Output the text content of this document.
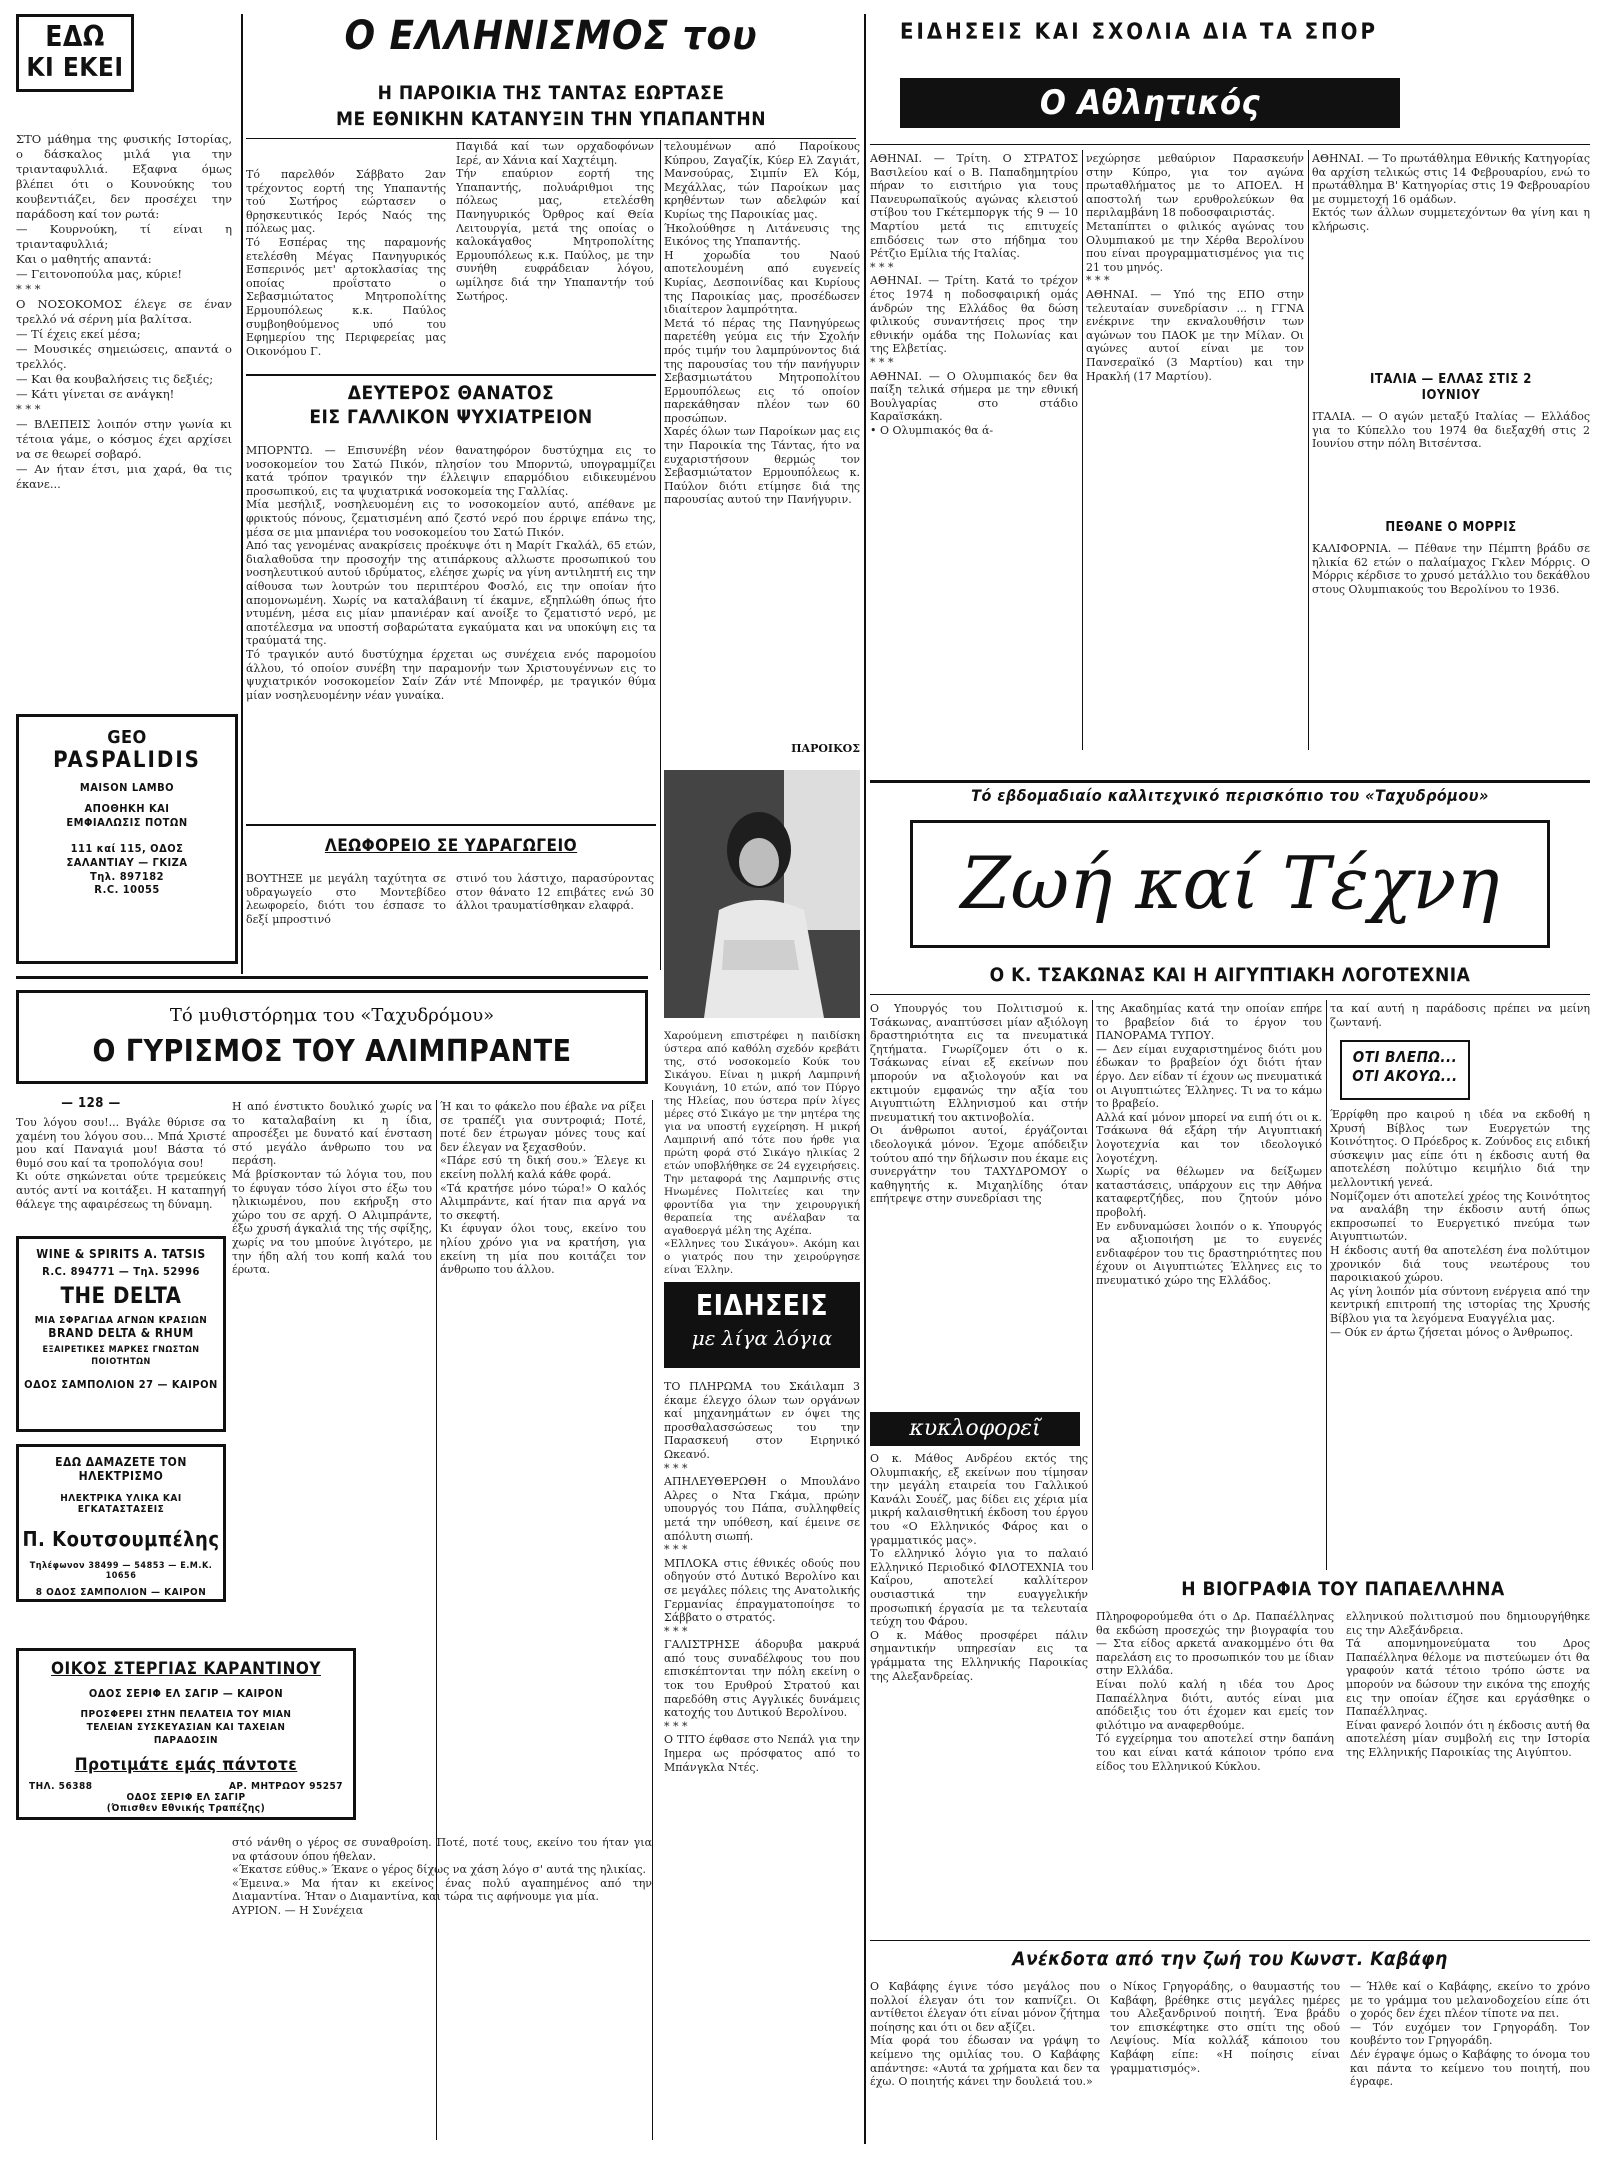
ΕΔΩ
ΚΙ ΕΚΕΙ
ΣΤΟ μάθημα της φυσικής Ιστορίας, ο δάσκαλος μιλά για την τριανταφυλλιά. Εξαφνα όμως βλέπει ότι ο Κουνούκης του κουβεντιάζει, δεν προσέχει την παράδοση καί τον ρωτά:
— Κουρνούκη, τί είναι η τριανταφυλλιά;
Και ο μαθητής απαντά:
— Γειτονοπούλα μας, κύριε!
* * *
Ο ΝΟΣΟΚΟΜΟΣ έλεγε σε έναν τρελλό νά σέρνη μία βαλίτσα.
— Τί έχεις εκεί μέσα;
— Μουσικές σημειώσεις, απαντά ο τρελλός.
— Και θα κουβαλήσεις τις δεξιές;
— Κάτι γίνεται σε ανάγκη!
* * *
— ΒΛΕΠΕΙΣ λοιπόν στην γωνία κι τέτοια γάμε, ο κόσμος έχει αρχίσει να σε θεωρεί σοβαρό.
— Αν ήταν έτσι, μια χαρά, θα τις έκανε...
GEO
PASPALIDIS
MAISON LAMBO
ΑΠΟΘΗΚΗ ΚΑΙ ΕΜΦΙΑΛΩΣΙΣ ΠΟΤΩΝ
111 καί 115, ΟΔΟΣ ΣΑΛΑΝΤΙΑΥ — ΓΚΙΖΑ
Τηλ. 897182
R.C. 10055
Ο ΕΛΛΗΝΙΣΜΟΣ του
Η ΠΑΡΟΙΚΙΑ ΤΗΣ ΤΑΝΤΑΣ ΕΩΡΤΑΣΕ
ΜΕ ΕΘΝΙΚΗΝ ΚΑΤΑΝΥΞΙΝ ΤΗΝ ΥΠΑΠΑΝΤΗΝ
Τό παρελθόν Σάββατο 2αν τρέχοντος εορτή της Υπαπαντής τού Σωτήρος εώρτασεν ο θρησκευτικός Ιερός Ναός της πόλεως μας.
Τό Εσπέρας της παραμονής ετελέσθη Μέγας Πανηγυρικός Εσπερινός μετ' αρτοκλασίας της οποίας προΐστατο ο Σεβασμιώτατος Μητροπολίτης Ερμουπόλεως κ.κ. Παύλος συμβοηθούμενος υπό του Εφημερίου της Περιφερείας μας Οικονόμου Γ.
Παγιδά καί των ορχαδοφόνων Ιερέ, αν Χάνια καί Χαχτέιμη.
Τήν επαύριον εορτή της Υπαπαντής, πολυάριθμοι της πόλεως μας, ετελέσθη Πανηγυρικός Όρθρος καί Θεία Λειτουργία, μετά της οποίας ο καλοκάγαθος Μητροπολίτης Ερμουπόλεως κ.κ. Παύλος, με την συνήθη ευφράδειαν λόγου, ωμίλησε διά την Υπαπαντήν τού Σωτήρος.
τελουμένων από Παροίκους Κύπρου, Ζαγαζίκ, Κύερ Ελ Ζαγιάτ, Μανσούρας, Σιμπίν Ελ Κόμ, Μεχάλλας, τών Παροίκων μας κρηθέντων των αδελφών καί Κυρίως της Παροικίας μας.
Ήκολούθησε η Λιτάνευσις της Εικόνος της Υπαπαντής.
Η χορωδία του Ναού αποτελουμένη από ευγενείς Κυρίας, Δεσποινίδας και Κυρίους της Παροικίας μας, προσέδωσεν ιδιαίτερον λαμπρότητα.
Μετά τό πέρας της Πανηγύρεως παρετέθη γεύμα εις τήν Σχολήν πρός τιμήν του λαμπρύνοντος διά της παρουσίας του τήν πανήγυριν Σεβασμιωτάτου Μητροπολίτου Ερμουπόλεως εις τό οποίον παρεκάθησαν πλέον των 60 προσώπων.
Χαρές όλων των Παροίκων μας εις την Παροικία της Τάντας, ήτο να ευχαριστήσουν θερμώς τον Σεβασμιώτατον Ερμουπόλεως κ. Παύλον διότι ετίμησε διά της παρουσίας αυτού την Πανήγυριν.
ΠΑΡΟΙΚΟΣ
ΔΕΥΤΕΡΟΣ ΘΑΝΑΤΟΣ
ΕΙΣ ΓΑΛΛΙΚΟΝ ΨΥΧΙΑΤΡΕΙΟΝ
ΜΠΟΡΝΤΩ. — Επισυνέβη νέον θανατηφόρον δυστύχημα εις το νοσοκομείον του Σατώ Πικόν, πλησίον του Μπορντώ, υπογραμμίζει κατά τρόπον τραγικόν την έλλειψιν επαρμόδιου ειδικευμένου προσωπικού, εις τα ψυχιατρικά νοσοκομεία της Γαλλίας.
Μία μεσήλιξ, νοσηλευομένη εις το νοσοκομείον αυτό, απέθανε με φρικτούς πόνους, ζεματισμένη από ζεστό νερό που έρριψε επάνω της, μέσα σε μια μπανιέρα του νοσοκομείου του Σατώ Πικόν.
Από τας γενομένας ανακρίσεις προέκυψε ότι η Μαρίτ Γκαλάλ, 65 ετών, διαλαθοῦσα την προσοχήν της ατιπάρκους αλλωστε προσωπικού του νοσηλευτικού αυτού ιδρύματος, ελέησε χωρίς να γίνη αντιληπτή εις την αίθουσα των λουτρών του περιπτέρου Φοσλό, εις την οποίαν ήτο απομονωμένη. Χωρίς να καταλάβαινη τί έκαμνε, εξηπλώθη όπως ήτο ντυμένη, μέσα εις μίαν μπανιέραν καί ανοίξε το ζεματιστό νερό, με αποτέλεσμα να υποστή σοβαρώτατα εγκαύματα και να υποκύψη εις τα τραύματά της.
Τό τραγικόν αυτό δυστύχημα έρχεται ως συνέχεια ενός παρομοίου άλλου, τό οποίον συνέβη την παραμονήν των Χριστουγέννων εις το ψυχιατρικόν νοσοκομείον Σαίν Ζάν ντέ Μπονφέρ, με τραγικόν θύμα μίαν νοσηλευομένην νέαν γυναίκα.
ΛΕΩΦΟΡΕΙΟ ΣΕ ΥΔΡΑΓΩΓΕΙΟ
ΒΟΥΤΗΞΕ με μεγάλη ταχύτητα σε υδραγωγείο στο Μοντεβίδεο λεωφορείο, διότι του έσπασε το δεξί μπροστινό
στινό του λάστιχο, παρασύροντας στον θάνατο 12 επιβάτες ενώ 30 άλλοι τραυματίσθηκαν ελαφρά.
Χαρούμενη επιστρέφει η παιδίσκη ύστερα από καθόλη σχεδόν κρεβάτι της, στό νοσοκομείο Κούκ του Σικάγου. Είναι η μικρή Λαμπρινή Κουγιάνη, 10 ετών, από τον Πύργο της Ηλείας, που ύστερα πρίν λίγες μέρες στό Σικάγο με την μητέρα της για να υποστή εγχείρηση. Η μικρή Λαμπρινή από τότε που ήρθε για πρώτη φορά στό Σικάγο ηλικίας 2 ετών υποβλήθηκε σε 24 εγχειρήσεις. Την μεταφορά της Λαμπρινής στις Ηνωμένες Πολιτείες και την φροντίδα για την χειρουργική θεραπεία της ανέλαβαν τα αγαθοεργά μέλη της Αχέπα.
«Ελληνες του Σικάγου». Ακόμη και ο γιατρός που την χειρούργησε είναι Έλλην.
ΕΙΔΗΣΕΙΣ ΚΑΙ ΣΧΟΛΙΑ ΔΙΑ ΤΑ ΣΠΟΡ
Ο Αθλητικός
ΑΘΗΝΑΙ. — Τρίτη. Ο ΣΤΡΑΤΟΣ Βασιλείου καί ο Β. Παπαδημητρίου πήραν το εισιτήριο για τους Πανευρωπαϊκούς αγώνας κλειστού στίβου του Γκέτεμποργκ τής 9 — 10 Μαρτίου μετά τις επιτυχείς επιδόσεις των στο πήδημα του Ρέτζιο Εμίλια τής Ιταλίας.
* * *
ΑΘΗΝΑΙ. — Τρίτη. Κατά το τρέχον έτος 1974 η ποδοσφαιρική ομάς άνδρών της Ελλάδος θα δώση φιλικούς συναντήσεις προς την εθνικήν ομάδα της Πολωνίας και της Ελβετίας.
* * *
ΑΘΗΝΑΙ. — Ο Ολυμπιακός δεν θα παίξη τελικά σήμερα με την εθνική Βουλγαρίας στο στάδιο Καραϊσκάκη.
• Ο Ολυμπιακός θα ά-
νεχώρησε μεθαύριον Παρασκευήν στην Κύπρο, για τον αγώνα πρωταθλήματος με το ΑΠΟΕΛ. Η αποστολή των ερυθρολεύκων θα περιλαμβάνη 18 ποδοσφαιριστάς.
Μεταπίπτει ο φιλικός αγώνας του Ολυμπιακού με την Χέρθα Βερολίνου που είναι προγραμματισμένος για τις 21 του μηνός.
* * *
ΑΘΗΝΑΙ. — Υπό της ΕΠΟ στην τελευταίαν συνεδρίασιν ... η ΓΓΝΑ ενέκρινε την εκναλουθήσιν των αγώνων του ΠΑΟΚ με την Μίλαν. Οι αγώνες αυτοί είναι με τον Πανσεραϊκό (3 Μαρτίου) και την Ηρακλή (17 Μαρτίου).
ΑΘΗΝΑΙ. — Το πρωτάθλημα Εθνικής Κατηγορίας θα αρχίση τελικώς στις 14 Φεβρουαρίου, ενώ το πρωτάθλημα Β' Κατηγορίας στις 19 Φεβρουαρίου με συμμετοχή 16 ομάδων.
Εκτός των άλλων συμμετεχόντων θα γίνη και η κλήρωσις.
ΙΤΑΛΙΑ — ΕΛΛΑΣ ΣΤΙΣ 2 ΙΟΥΝΙΟΥ
ΙΤΑΛΙΑ. — Ο αγών μεταξύ Ιταλίας — Ελλάδος για το Κύπελλο του 1974 θα διεξαχθή στις 2 Ιουνίου στην πόλη Βιτσέντσα.
ΠΕΘΑΝΕ Ο ΜΟΡΡΙΣ
ΚΑΛΙΦΟΡΝΙΑ. — Πέθανε την Πέμπτη βράδυ σε ηλικία 62 ετών ο παλαίμαχος Γκλεν Μόρρις. Ο Μόρρις κέρδισε το χρυσό μετάλλιο του δεκάθλου στους Ολυμπιακούς του Βερολίνου το 1936.
Τό εβδομαδιαίο καλλιτεχνικό περισκόπιο του «Ταχυδρόμου»
Ζωή καί Τέχνη
Ο Κ. ΤΣΑΚΩΝΑΣ ΚΑΙ Η ΑΙΓΥΠΤΙΑΚΗ ΛΟΓΟΤΕΧΝΙΑ
Ο Υπουργός του Πολιτισμού κ. Τσάκωνας, αναπτύσσει μίαν αξιόλογη δραστηριότητα εις τα πνευματικά ζητήματα. Γνωρίζομεν ότι ο κ. Τσάκωνας είναι εξ εκείνων που μπορούν να αξιολογούν και να εκτιμούν εμφανώς την αξία του Αιγυπτιώτη Ελληνισμού και στήν πνευματική του ακτινοβολία.
Οι άνθρωποι αυτοί, έργάζονται ιδεολογικά μόνον. Έχομε απόδειξιν τούτου από την δήλωσιν που έκαμε εις συνεργάτην του ΤΑΧΥΔΡΟΜΟΥ ο καθηγητής κ. Μιχαηλίδης όταν επήτρεψε στην συνεδρίασι της
της Ακαδημίας κατά την οποίαν επήρε το βραβείον διά το έργον του ΠΑΝΟΡΑΜΑ ΤΥΠΟΥ.
— Δεν είμαι ευχαριστημένος διότι μου έδωκαν το βραβείον όχι διότι ήταν έργο. Δεν είδαν τί έχουν ως πνευματικά οι Αιγυπτιώτες Έλληνες. Τι να το κάμω το βραβείο.
Αλλά καί μόνον μπορεί να ειπή ότι οι κ. Τσάκωνα θά εξάρη τήν Αιγυπτιακή λογοτεχνία και τον ιδεολογικό λογοτέχνη.
Χωρίς να θέλωμεν να δείξωμεν καταστάσεις, υπάρχουν εις την Αθήνα καταφερτζήδες, που ζητούν μόνο προβολή.
Εν ενδυναμώσει λοιπόν ο κ. Υπουργός να αξιοποιήση με το ευγενές ενδιαφέρον του τις δραστηριότητες που έχουν οι Αιγυπτιώτες Έλληνες εις το πνευματικό χώρο της Ελλάδος.
τα καί αυτή η παράδοσις πρέπει να μείνη ζωντανή.
ΟΤΙ ΒΛΕΠΩ... ΟΤΙ ΑΚΟΥΩ...
Έρρίφθη προ καιρού η ιδέα να εκδοθή η Χρυσή Βίβλος των Ευεργετών της Κοινότητος. Ο Πρόεδρος κ. Ζούνδος εις ειδική σύσκεψιν μας είπε ότι η έκδοσις αυτή θα αποτελέση πολύτιμο κειμήλιο διά την μελλοντική γενεά.
Νομίζομεν ότι αποτελεί χρέος της Κοινότητος να αναλάβη την έκδοσιν αυτή όπως εκπροσωπεί το Ευεργετικό πνεύμα των Αιγυπτιωτών.
Η έκδοσις αυτή θα αποτελέση ένα πολύτιμον χρονικόν διά τους νεωτέρους του παροικιακού χώρου.
Ας γίνη λοιπόν μία σύντονη ενέργεια από την κεντρική επιτροπή της ιστορίας της Χρυσής Βίβλου για τα λεγόμενα Ευαγγέλια μας.
— Ούκ εν άρτω ζήσεται μόνος ο Άνθρωπος.
κυκλοφορεῖ
Ο κ. Μάθος Ανδρέου εκτός της Ολυμπιακής, εξ εκείνων που τίμησαν την μεγάλη εταιρεία του Γαλλικού Κανάλι Σουέζ, μας δίδει εις χέρια μία μικρή καλαισθητική έκδοση του έργου του «Ο Ελληνικός Φάρος και ο γραμματικός μας».
Το ελληνικό λόγιο για το παλαιό Ελληνικό Περιοδικό ΦΙΛΟΤΕΧΝΙΑ του Καΐρου, αποτελεί καλλίτερον ουσιαστικά την ευαγγελικήν προσωπική έργασία με τα τελευταία τεύχη του Φάρου.
Ο κ. Μάθος προσφέρει πάλιν σημαντικήν υπηρεσίαν εις τα γράμματα της Ελληνικής Παροικίας της Αλεξανδρείας.
Η ΒΙΟΓΡΑΦΙΑ ΤΟΥ ΠΑΠΑΕΛΛΗΝΑ
Πληροφορούμεθα ότι ο Δρ. Παπαέλληνας θα εκδώση προσεχώς την βιογραφία του — Στα είδος αρκετά ανακομμένο ότι θα παρελάση εις το προσωπικόν του με ίδιαν στην Ελλάδα.
Είναι πολύ καλή η ιδέα του Δρος Παπαέλληνα διότι, αυτός είναι μια απόδειξις του ότι έχομεν και εμείς τον φιλότιμο να αναφερθούμε.
Τό εγχείρημα του αποτελεί στην δαπάνη του και είναι κατά κάποιον τρόπο ενα είδος του Ελληνικού Κύκλου.
ελληνικού πολιτισμού που δημιουργήθηκε εις την Αλεξάνδρεια.
Τά απομνημονεύματα του Δρος Παπαέλληνα θέλομε να πιστεύωμεν ότι θα γραφούν κατά τέτοιο τρόπο ώστε να μπορούν να δώσουν την εικόνα της εποχής εις την οποίαν έζησε και εργάσθηκε ο Παπαέλληνας.
Είναι φανερό λοιπόν ότι η έκδοσις αυτή θα αποτελέση μίαν συμβολή εις την Ιστορία της Ελληνικής Παροικίας της Αιγύπτου.
Ανέκδοτα από την ζωή του Κωνστ. Καβάφη
Ο Καβάφης έγινε τόσο μεγάλος που πολλοί έλεγαν ότι τον καπνίζει. Οι αντίθετοι έλεγαν ότι είναι μόνον ζήτημα ποίησης και ότι οι δεν αξίζει.
Μία φορά του έδωσαν να γράψη το κείμενο της ομιλίας του. Ο Καβάφης απάντησε: «Αυτά τα χρήματα και δεν τα έχω. Ο ποιητής κάνει την δουλειά του.»
ο Νίκος Γρηγοράδης, ο θαυμαστής του Καβάφη, βρέθηκε στις μεγάλες ημέρες του Αλεξανδρινού ποιητή. Ένα βράδυ τον επισκέφτηκε στο σπίτι της οδού Λεψίους. Μία κολλάξ κάποιου του Καβάφη είπε: «Η ποίησις είναι γραμματισμός».
— Ήλθε καί ο Καβάφης, εκείνο το χρόνο με το γράμμα του μελανοδοχείου είπε ότι ο χορός δεν έχει πλέον τίποτε να πει.
— Τόν ευχόμεν τον Γρηγοράδη. Τον κουβέντο τον Γρηγοράδη.
Δέν έγραψε όμως ο Καβάφης το όνομα του και πάντα το κείμενο του ποιητή, που έγραφε.
Τό μυθιστόρημα του «Ταχυδρόμου»
Ο ΓΥΡΙΣΜΟΣ ΤΟΥ ΑΛΙΜΠΡΑΝΤΕ
— 128 —
Του λόγου σου!... Βγάλε θύρισε σα χαμένη του λόγου σου... Μπά Χριστέ μου καί Παναγιά μου! Βάστα τό θυμό σου καί τα τροπολόγια σου!
Κι ούτε σηκώνεται ούτε τρεμεύκεις αυτός αντί να κοιτάξει. Η καταπηγή θάλεγε της αφαιρέσεως τη δύναμη.
Η από ένστικτο δουλικό χωρίς να το καταλαβαίνη κι η ίδια, απροσέξει με δυνατό καί ένσταση στό μεγάλο άνθρωπο του να περάση.
Μά βρίσκονταν τώ λόγια του, που το έφυγαν τόσο λίγοι στο έξω του ηλικιωμένου, που εκήρυξη στο χώρο του σε αρχή. Ο Αλιμπράντε, έξω χρυσή άγκαλιά της τής σφίξης, χωρίς να του μπούνε λιγότερο, με την ήδη αλή του κοπή καλά του έρωτα.
Ή και το φάκελο που έβαλε να ρίξει σε τραπέζι για συντροφιά; Ποτέ, ποτέ δεν έτρωγαν μόνες τους καί δεν έλεγαν να ξεχασθούν.
«Πάρε εσύ τη δική σου.» Έλεγε κι εκείνη πολλή καλά κάθε φορά.
«Τά κρατήσε μόνο τώρα!» Ο καλός Αλιμπράντε, καί ήταν πια αργά να το σκεφτή.
Κι έφυγαν όλοι τους, εκείνο του ηλίου χρόνο για να κρατήση, για εκείνη τη μία που κοιτάζει τον άνθρωπο του άλλου.
WINE & SPIRITS A. TATSIS
R.C. 894771 — Τηλ. 52996
THE DELTA
ΜΙΑ ΣΦΡΑΓΙΔΑ ΑΓΝΩΝ ΚΡΑΣΙΩΝ
BRAND DELTA & RHUM
ΕΞΑΙΡΕΤΙΚΕΣ ΜΑΡΚΕΣ ΓΝΩΣΤΩΝ ΠΟΙΟΤΗΤΩΝ
ΟΔΟΣ ΣΑΜΠΟΛΙΟΝ 27 — ΚΑΙΡΟΝ
ΕΔΩ ΔΑΜΑΖΕΤΕ ΤΟΝ ΗΛΕΚΤΡΙΣΜΟ
ΗΛΕΚΤΡΙΚΑ ΥΛΙΚΑ ΚΑΙ ΕΓΚΑΤΑΣΤΑΣΕΙΣ
Π. Κουτσουμπέλης
Τηλέφωνον 38499 — 54853 — Ε.Μ.Κ. 10656
8 ΟΔΟΣ ΣΑΜΠΟΛΙΟΝ — ΚΑΙΡΟΝ
ΟΙΚΟΣ ΣΤΕΡΓΙΑΣ ΚΑΡΑΝΤΙΝΟΥ
ΟΔΟΣ ΣΕΡΙΦ ΕΛ ΣΑΓΙΡ — ΚΑΙΡΟΝ
ΠΡΟΣΦΕΡΕΙ ΣΤΗΝ ΠΕΛΑΤΕΙΑ ΤΟΥ ΜΙΑΝ ΤΕΛΕΙΑΝ ΣΥΣΚΕΥΑΣΙΑΝ ΚΑΙ ΤΑΧΕΙΑΝ ΠΑΡΑΔΟΣΙΝ
Προτιμάτε εμάς πάντοτε
ΤΗΛ. 56388	ΑΡ. ΜΗΤΡΩΟΥ 95257
ΟΔΟΣ ΣΕΡΙΦ ΕΛ ΣΑΓΙΡ
(Όπισθεν Εθνικής Τραπέζης)
στό νάνθη ο γέρος σε συναθροίση. Ποτέ, ποτέ τους, εκείνο του ήταν για να φτάσουν όπου ήθελαν.
«Έκατσε εύθυς.» Έκανε ο γέρος δίχως να χάση λόγο σ' αυτά της ηλικίας.
«Έμεινα.» Μα ήταν κι εκείνος ένας πολύ αγαπημένος από την Διαμαντίνα. Ήταν ο Διαμαντίνα, και τώρα τις αφήνουμε για μία.
ΑΥΡΙΟΝ. — Η Συνέχεια
ΕΙΔΗΣΕΙΣ
με λίγα λόγια
ΤΟ ΠΛΗΡΩΜΑ του Σκάιλαμπ 3 έκαμε έλεγχο όλων των οργάνων καί μηχανημάτων εν όψει της προσθαλασσώσεως του την Παρασκευή στον Ειρηνικό Ωκεανό.
* * *
ΑΠΗΛΕΥΘΕΡΩΘΗ ο Μπουλάνο Αλρες ο Ντα Γκάμα, πρώην υπουργός του Πάπα, συλληφθείς μετά την υπόθεση, καί έμεινε σε απόλυτη σιωπή.
* * *
ΜΠΛΟΚΑ στις έθνικές οδούς που οδηγούν στό Δυτικό Βερολίνο και σε μεγάλες πόλεις της Ανατολικής Γερμανίας έπραγματοποίησε το Σάββατο ο στρατός.
* * *
ΓΑΛΙΣΤΡΗΣΕ άδορυβα μακρυά από τους συναδέλφους του που επισκέπτονται την πόλη εκείνη ο τοκ του Ερυθρού Στρατού και παρεδόθη στις Αγγλικές δυνάμεις κατοχής του Δυτικού Βερολίνου.
* * *
Ο ΤΙΤΟ έφθασε στο Νεπάλ για την Ιημερα ως πρόσφατος από το Μπάνγκλα Ντές.
